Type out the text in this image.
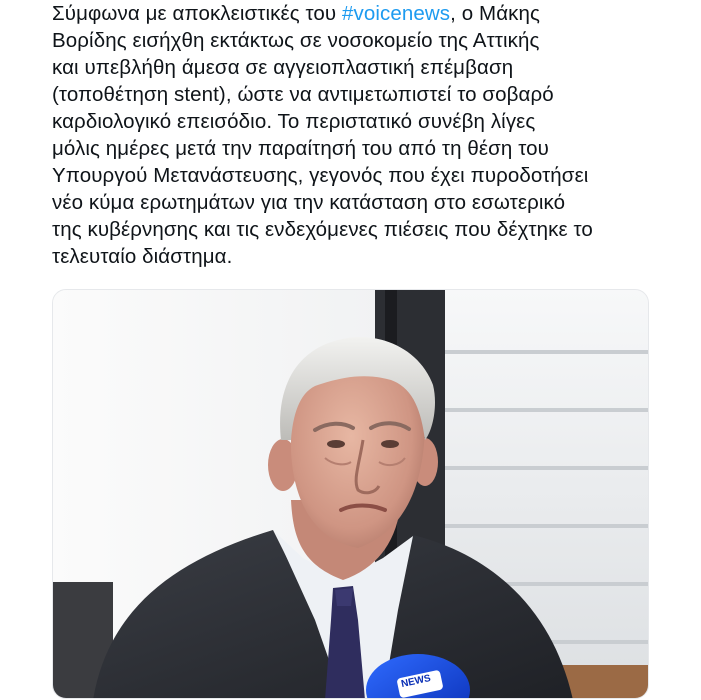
Σύμφωνα με αποκλειστικές του #voicenews, ο Μάκης
Βορίδης εισήχθη εκτάκτως σε νοσοκομείο της Αττικής
και υπεβλήθη άμεσα σε αγγειοπλαστική επέμβαση
(τοποθέτηση stent), ώστε να αντιμετωπιστεί το σοβαρό
καρδιολογικό επεισόδιο. Το περιστατικό συνέβη λίγες
μόλις ημέρες μετά την παραίτησή του από τη θέση του
Υπουργού Μετανάστευσης, γεγονός που έχει πυροδοτήσει
νέο κύμα ερωτημάτων για την κατάσταση στο εσωτερικό
της κυβέρνησης και τις ενδεχόμενες πιέσεις που δέχτηκε το
τελευταίο διάστημα.
NEWS
